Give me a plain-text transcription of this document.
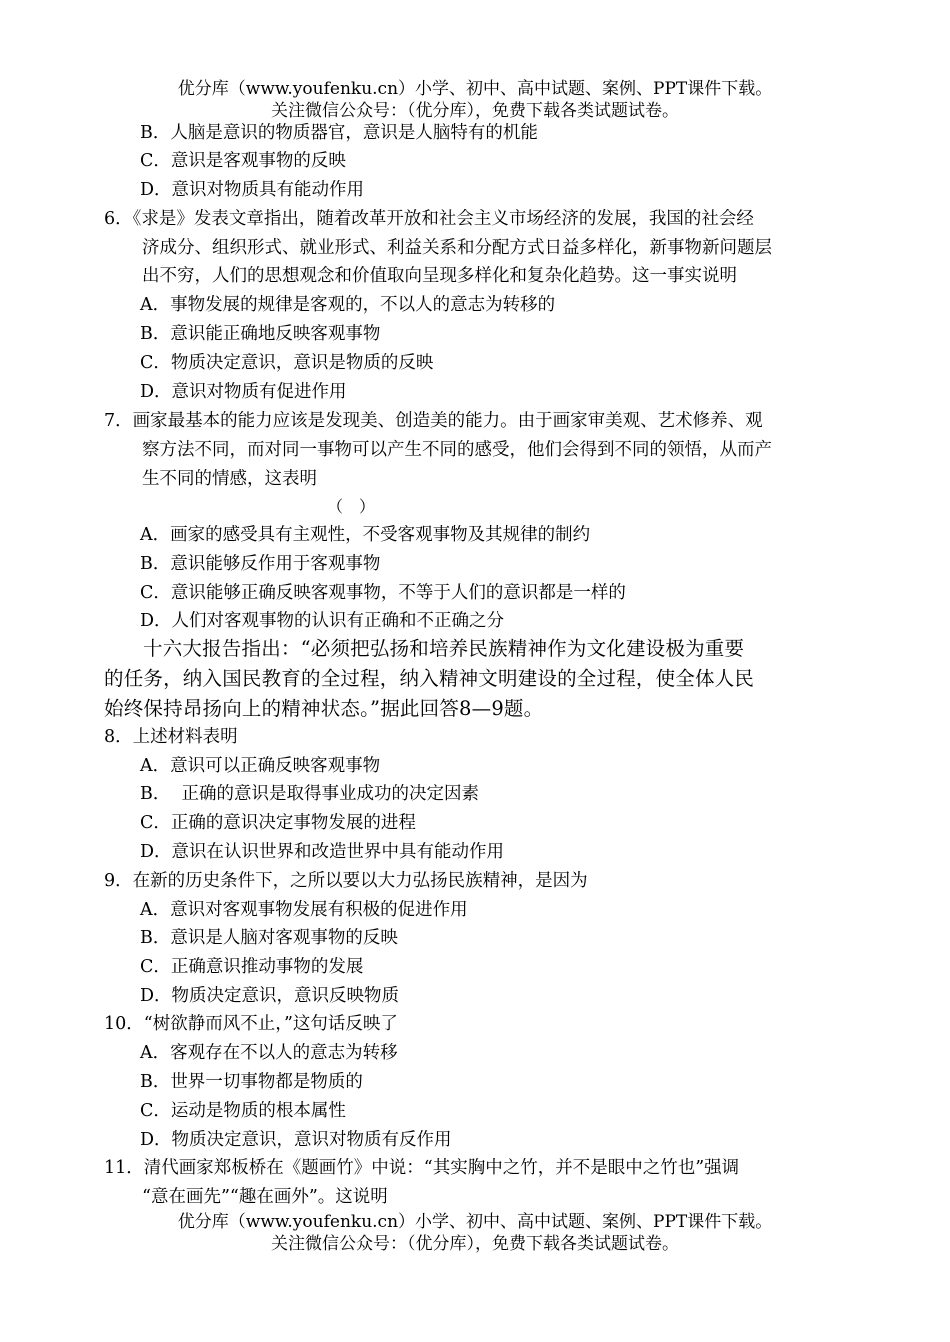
优分库（www.youfenku.cn）小学、初中、高中试题、案例、PPT课件下载。
关注微信公众号：（优分库），免费下载各类试题试卷。
B．人脑是意识的物质器官，意识是人脑特有的机能
C．意识是客观事物的反映
D．意识对物质具有能动作用
6．《求是》发表文章指出，随着改革开放和社会主义市场经济的发展，我国的社会经
济成分、组织形式、就业形式、利益关系和分配方式日益多样化，新事物新问题层
出不穷，人们的思想观念和价值取向呈现多样化和复杂化趋势。这一事实说明
A．事物发展的规律是客观的，不以人的意志为转移的
B．意识能正确地反映客观事物
C．物质决定意识，意识是物质的反映
D．意识对物质有促进作用
7．画家最基本的能力应该是发现美、创造美的能力。由于画家审美观、艺术修养、观
察方法不同，而对同一事物可以产生不同的感受，他们会得到不同的领悟，从而产
生不同的情感，这表明
（　）
A．画家的感受具有主观性，不受客观事物及其规律的制约
B．意识能够反作用于客观事物
C．意识能够正确反映客观事物，不等于人们的意识都是一样的
D．人们对客观事物的认识有正确和不正确之分
十六大报告指出：“必须把弘扬和培养民族精神作为文化建设极为重要
的任务，纳入国民教育的全过程，纳入精神文明建设的全过程，使全体人民
始终保持昂扬向上的精神状态。”据此回答8—9题。
8．上述材料表明
A．意识可以正确反映客观事物
B．  正确的意识是取得事业成功的决定因素
C．正确的意识决定事物发展的进程
D．意识在认识世界和改造世界中具有能动作用
9．在新的历史条件下，之所以要以大力弘扬民族精神，是因为
A．意识对客观事物发展有积极的促进作用
B．意识是人脑对客观事物的反映
C．正确意识推动事物的发展
D．物质决定意识，意识反映物质
10．“树欲静而风不止，”这句话反映了
A．客观存在不以人的意志为转移
B．世界一切事物都是物质的
C．运动是物质的根本属性
D．物质决定意识，意识对物质有反作用
11．清代画家郑板桥在《题画竹》中说：“其实胸中之竹，并不是眼中之竹也”强调
“意在画先”“趣在画外”。这说明
优分库（www.youfenku.cn）小学、初中、高中试题、案例、PPT课件下载。
关注微信公众号：（优分库），免费下载各类试题试卷。
